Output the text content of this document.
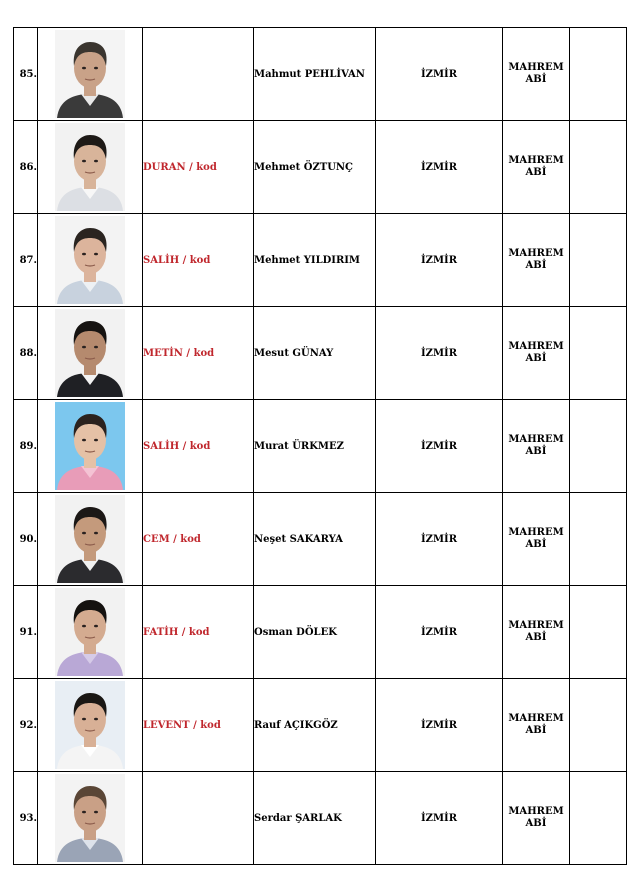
85.			Mahmut PEHLİVAN	İZMİR	MAHREM ABİ	
86.		DURAN / kod	Mehmet ÖZTUNÇ	İZMİR	MAHREM ABİ	
87.		SALİH / kod	Mehmet YILDIRIM	İZMİR	MAHREM ABİ	
88.		METİN / kod	Mesut GÜNAY	İZMİR	MAHREM ABİ	
89.		SALİH / kod	Murat ÜRKMEZ	İZMİR	MAHREM ABİ	
90.		CEM / kod	Neşet SAKARYA	İZMİR	MAHREM ABİ	
91.		FATİH / kod	Osman DÖLEK	İZMİR	MAHREM ABİ	
92.		LEVENT / kod	Rauf AÇIKGÖZ	İZMİR	MAHREM ABİ	
93.			Serdar ŞARLAK	İZMİR	MAHREM ABİ	
